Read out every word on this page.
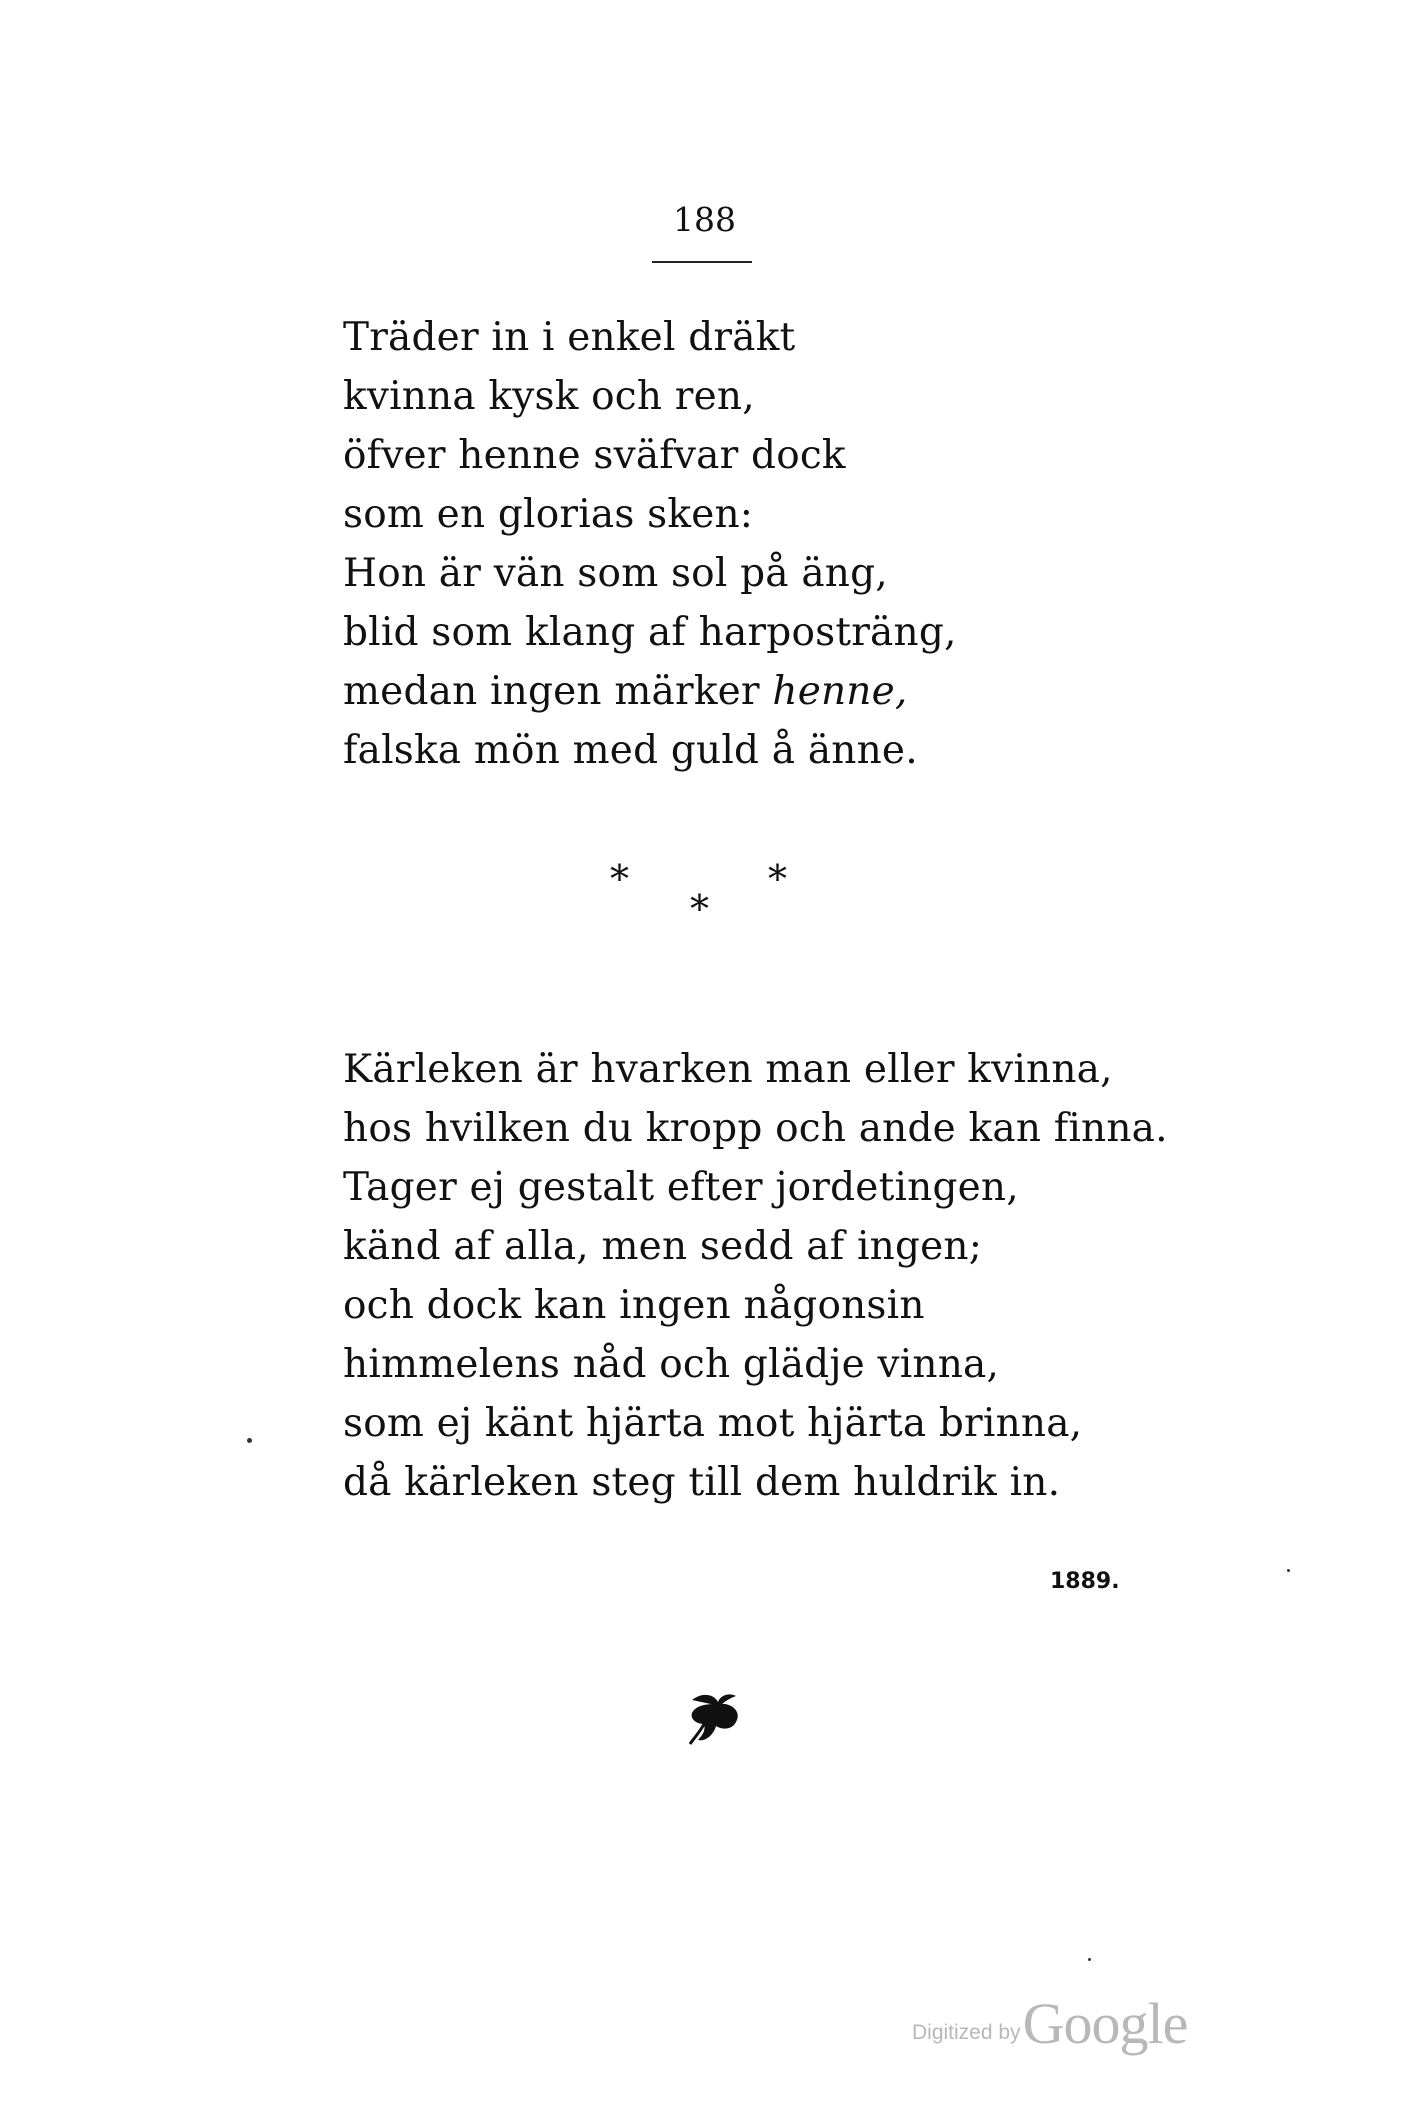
188
Träder in i enkel dräkt
kvinna kysk och ren,
öfver henne sväfvar dock
som en glorias sken:
Hon är vän som sol på äng,
blid som klang af harposträng,
medan ingen märker henne,
falska mön med guld å änne.
*	*
*
Kärleken är hvarken man eller kvinna,
hos hvilken du kropp och ande kan finna.
Tager ej gestalt efter jordetingen,
känd af alla, men sedd af ingen;
och dock kan ingen någonsin
himmelens nåd och glädje vinna,
som ej känt hjärta mot hjärta brinna,
då kärleken steg till dem huldrik in.
1889.
Digitized byGoogle
